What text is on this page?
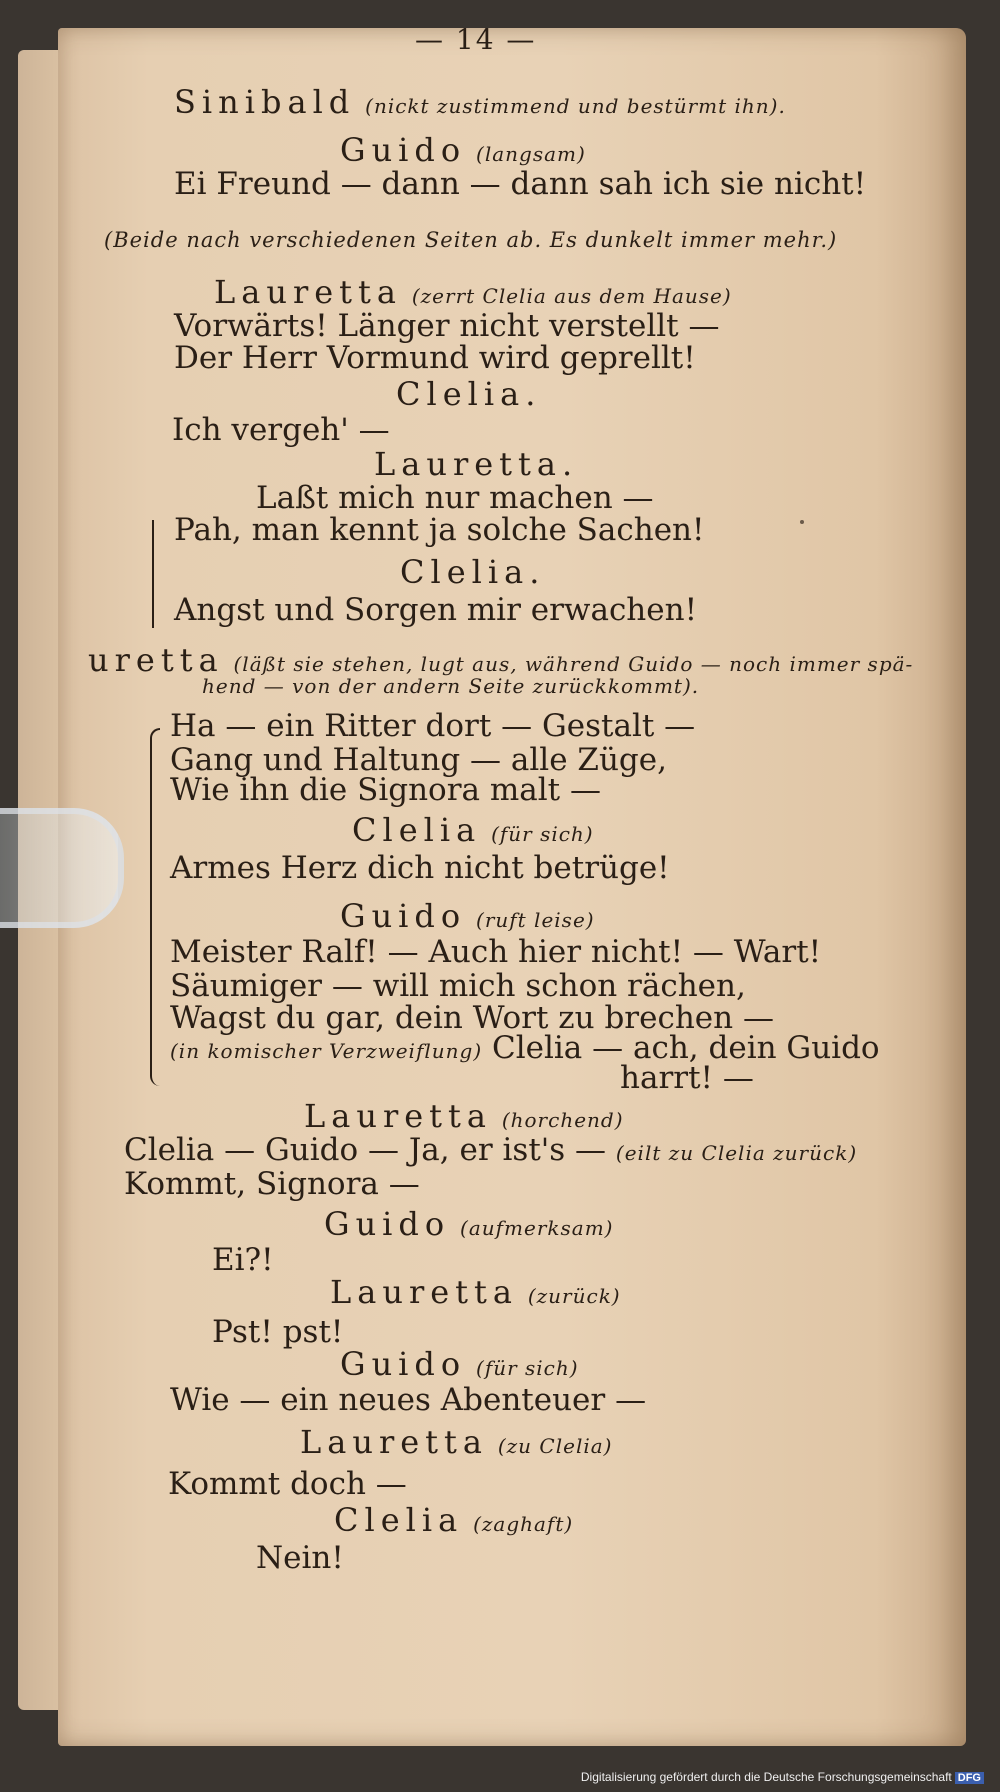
— 14 —

Sinibald (nickt zustimmend und bestürmt ihn).

Guido (langsam)

Ei Freund — dann — dann sah ich sie nicht!

(Beide nach verschiedenen Seiten ab. Es dunkelt immer mehr.)

Lauretta (zerrt Clelia aus dem Hause)

Vorwärts! Länger nicht verstellt —

Der Herr Vormund wird geprellt!

Clelia.

Ich vergeh' —

Lauretta.

Laßt mich nur machen —

Pah, man kennt ja solche Sachen!

Clelia.

Angst und Sorgen mir erwachen!

uretta (läßt sie stehen, lugt aus, während Guido — noch immer spä-

hend — von der andern Seite zurückkommt).

Ha — ein Ritter dort — Gestalt —

Gang und Haltung — alle Züge,

Wie ihn die Signora malt —

Clelia (für sich)

Armes Herz dich nicht betrüge!

Guido (ruft leise)

Meister Ralf! — Auch hier nicht! — Wart!

Säumiger — will mich schon rächen,

Wagst du gar, dein Wort zu brechen —

(in komischer Verzweiflung) Clelia — ach, dein Guido

harrt! —

Lauretta (horchend)

Clelia — Guido — Ja, er ist's — (eilt zu Clelia zurück)

Kommt, Signora —

Guido (aufmerksam)

Ei?!

Lauretta (zurück)

Pst! pst!

Guido (für sich)

Wie — ein neues Abenteuer —

Lauretta (zu Clelia)

Kommt doch —

Clelia (zaghaft)

Nein!

Digitalisierung gefördert durch die Deutsche Forschungsgemeinschaft DFG
